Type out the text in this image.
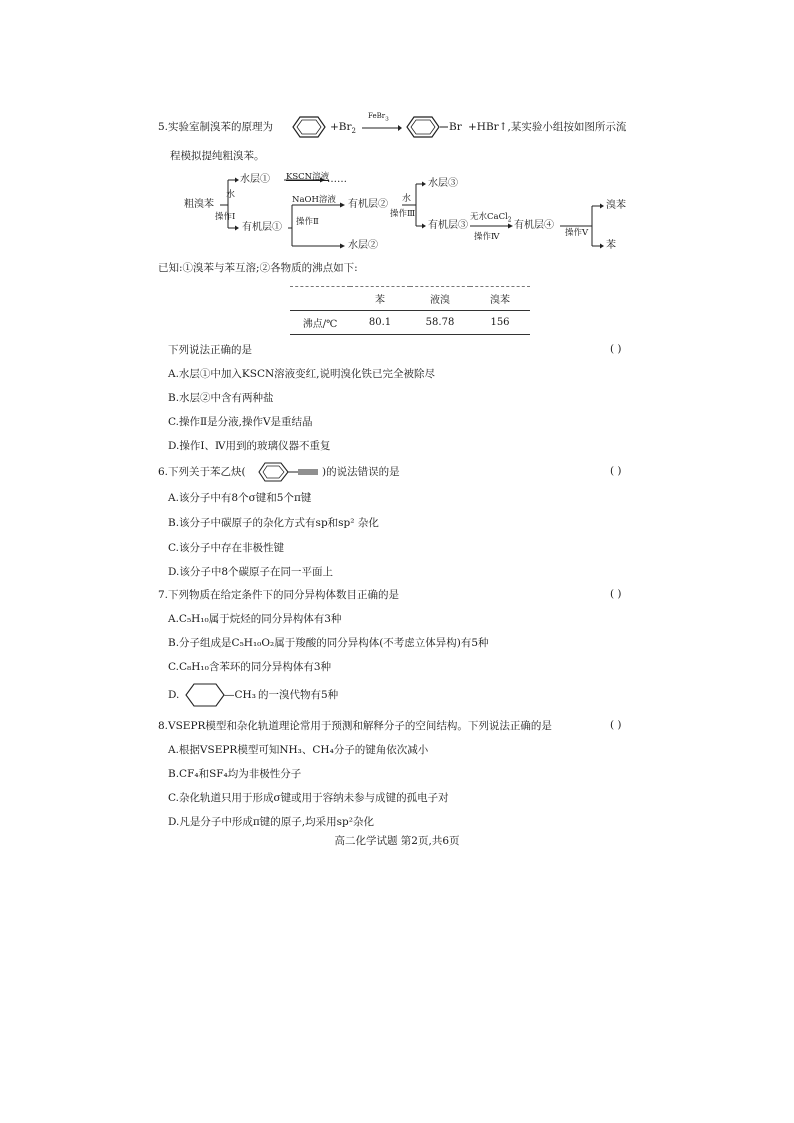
5.实验室制溴苯的原理为	$+Br_2$
FeBr$_3$
Br +HBr↑,某实验小组按如图所示流
程模拟提纯粗溴苯。
粗溴苯
水
操作Ⅰ
水层① KSCN溶液
……
有机层①
NaOH溶液
操作Ⅱ
有机层②
水层②
水
操作Ⅲ
水层③
有机层③
无水CaCl$_2$
操作Ⅳ
有机层④
操作Ⅴ
溴苯
苯
已知:①溴苯与苯互溶;②各物质的沸点如下:
	苯	液溴	溴苯
沸点/℃	80.1	58.78	156
下列说法正确的是	( )
A.水层①中加入KSCN溶液变红,说明溴化铁已完全被除尽
B.水层②中含有两种盐
C.操作Ⅱ是分液,操作Ⅴ是重结晶
D.操作Ⅰ、Ⅳ用到的玻璃仪器不重复
6.下列关于苯乙炔(	)的说法错误的是	( )
A.该分子中有8个σ键和5个π键
B.该分子中碳原子的杂化方式有sp和sp² 杂化
C.该分子中存在非极性键
D.该分子中8个碳原子在同一平面上
7.下列物质在给定条件下的同分异构体数目正确的是	( )
A.C₅H₁₀属于烷烃的同分异构体有3种
B.分子组成是C₅H₁₀O₂属于羧酸的同分异构体(不考虑立体异构)有5种
C.C₈H₁₀含苯环的同分异构体有3种
D.	—CH₃ 的一溴代物有5种
8.VSEPR模型和杂化轨道理论常用于预测和解释分子的空间结构。下列说法正确的是	( )
A.根据VSEPR模型可知NH₃、CH₄分子的键角依次减小
B.CF₄和SF₄均为非极性分子
C.杂化轨道只用于形成σ键或用于容纳未参与成键的孤电子对
D.凡是分子中形成π键的原子,均采用sp²杂化
高二化学试题 第2页,共6页
